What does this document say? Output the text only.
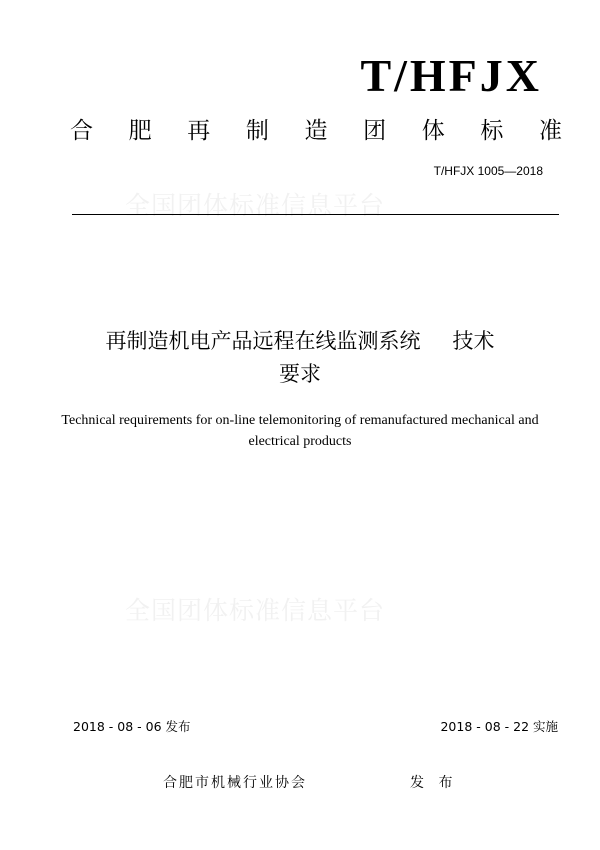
T/HFJX
合 肥 再 制 造 团 体 标 准
T/HFJX 1005—2018
全国团体标准信息平台
再制造机电产品远程在线监测系统 技术
要求
Technical requirements for on-line telemonitoring of remanufactured mechanical and
electrical products
全国团体标准信息平台
2018 - 08 - 06 发布	2018 - 08 - 22 实施
合肥市机械行业协会	发 布
